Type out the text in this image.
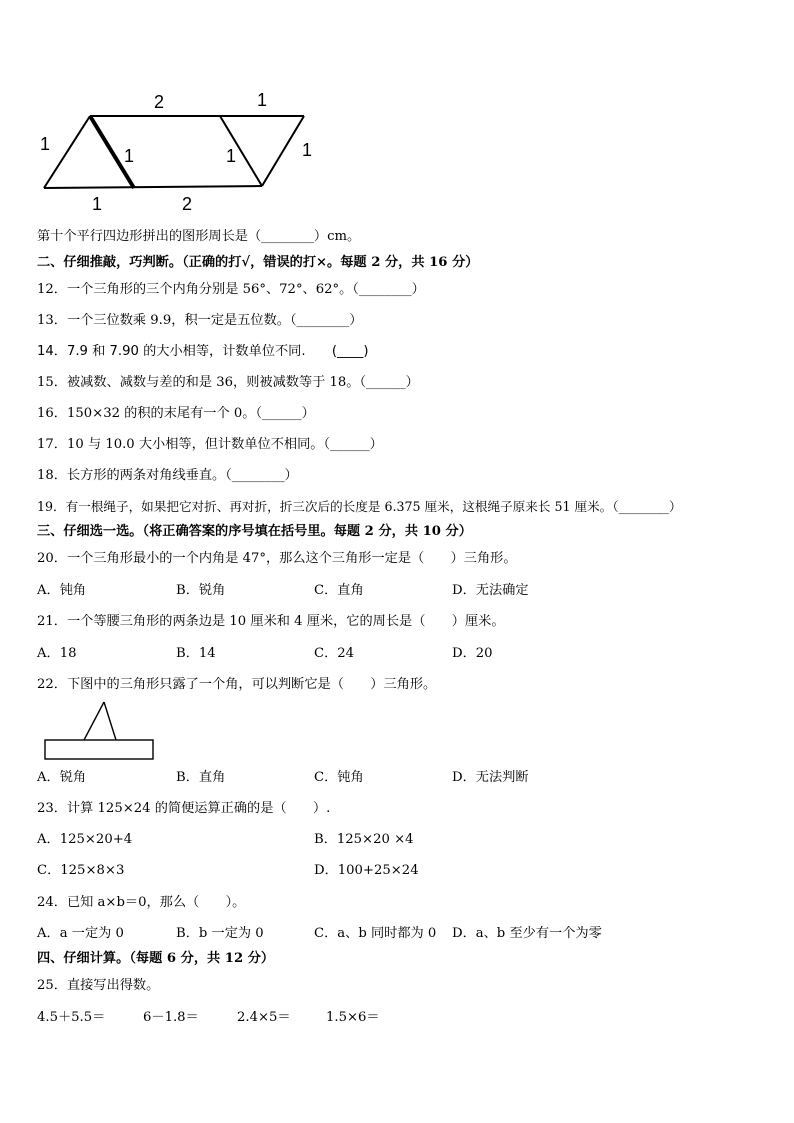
2	1
1
1	1	1
1	2
第十个平行四边形拼出的图形周长是（________）cm。
二、仔细推敲，巧判断。（正确的打√，错误的打×。每题 2 分，共 16 分）
12．一个三角形的三个内角分别是 56°、72°、62°。（________）
13．一个三位数乘 9.9，积一定是五位数。（________）
14．7.9 和 7.90 的大小相等，计数单位不同.　　(____)
15．被减数、减数与差的和是 36，则被减数等于 18。（______）
16．150×32 的积的末尾有一个 0。（______）
17．10 与 10.0 大小相等，但计数单位不相同。（______）
18．长方形的两条对角线垂直。（________）
19．有一根绳子，如果把它对折、再对折，折三次后的长度是 6.375 厘米，这根绳子原来长 51 厘米。（________）
三、仔细选一选。（将正确答案的序号填在括号里。每题 2 分，共 10 分）
20．一个三角形最小的一个内角是 47°，那么这个三角形一定是（　　）三角形。
A．钝角	B．锐角	C．直角	D．无法确定
21．一个等腰三角形的两条边是 10 厘米和 4 厘米，它的周长是（　　）厘米。
A．18	B．14	C．24	D．20
22．下图中的三角形只露了一个角，可以判断它是（　　）三角形。
A．锐角	B．直角	C．钝角	D．无法判断
23．计算 125×24 的简便运算正确的是（　　）.
A．125×20+4	B．125×20 ×4
C．125×8×3	D．100+25×24
24．已知 a×b＝0，那么（　　）。
A．a 一定为 0	B．b 一定为 0	C．a、b 同时都为 0 D．a、b 至少有一个为零
四、仔细计算。（每题 6 分，共 12 分）
25．直接写出得数。
4.5＋5.5＝	6－1.8＝	2.4×5＝	1.5×6＝
